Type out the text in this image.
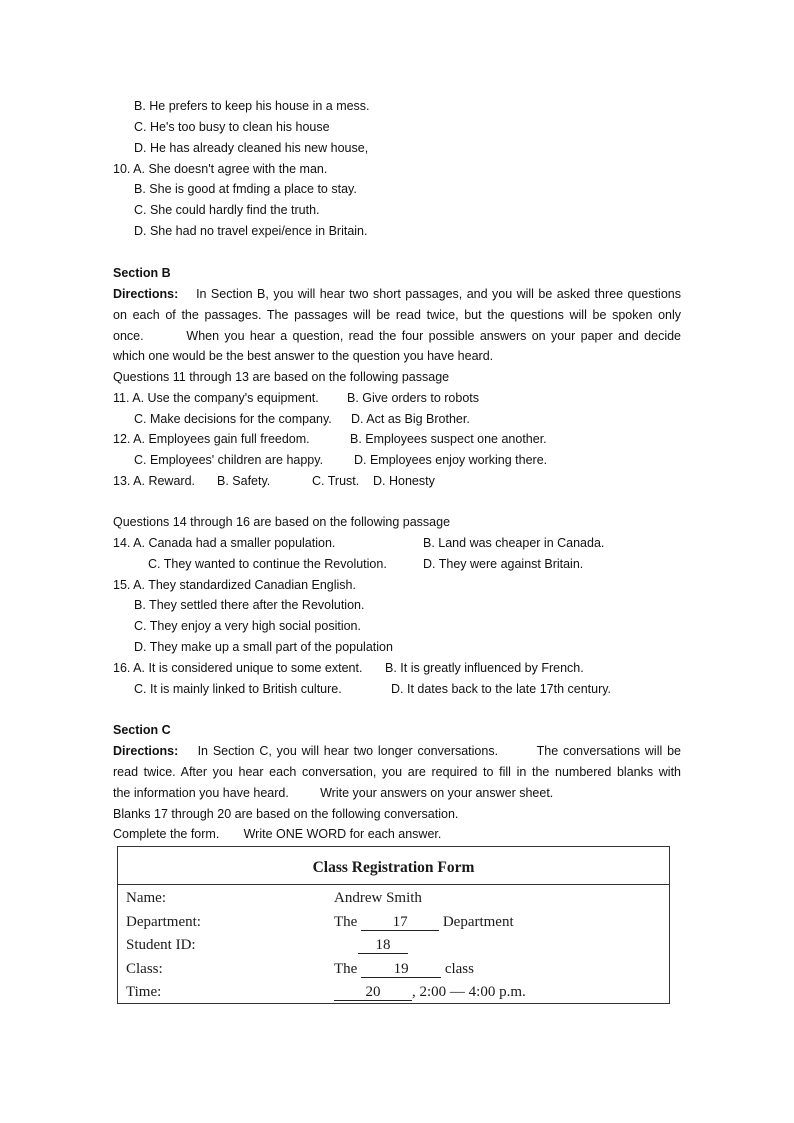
B. He prefers to keep his house in a mess.
C. He's too busy to clean his house
D. He has already cleaned his new house,
10. A. She doesn't agree with the man.
B. She is good at fmding a place to stay.
C. She could hardly find the truth.
D. She had no travel expei/ence in Britain.
Section B
Directions: In Section B, you will hear two short passages, and you will be asked three questions
on each of the passages. The passages will be read twice, but the questions will be spoken only
once.	When you hear a question, read the four possible answers on your paper and decide
which one would be the best answer to the question you have heard.
Questions 11 through 13 are based on the following passage
11. A. Use the company's equipment. B. Give orders to robots
C. Make decisions for the company. D. Act as Big Brother.
12. A. Employees gain full freedom.	B. Employees suspect one another.
C. Employees' children are happy. D. Employees enjoy working there.
13. A. Reward. B. Safety.	C. Trust. D. Honesty
Questions 14 through 16 are based on the following passage
14. A. Canada had a smaller population.	B. Land was cheaper in Canada.
C. They wanted to continue the Revolution.	D. They were against Britain.
15. A. They standardized Canadian English.
B. They settled there after the Revolution.
C. They enjoy a very high social position.
D. They make up a small part of the population
16. A. It is considered unique to some extent. B. It is greatly influenced by French.
C. It is mainly linked to British culture.	D. It dates back to the late 17th century.
Section C
Directions: In Section C, you will hear two longer conversations.	The conversations will be
read twice. After you hear each conversation, you are required to fill in the numbered blanks with
the information you have heard.	Write your answers on your answer sheet.
Blanks 17 through 20 are based on the following conversation.
Complete the form. Write ONE WORD for each answer.
Class Registration Form
Name:	Andrew Smith
Department:	The 17 Department
Student ID:	18
Class:	The 19 class
Time:	20 , 2:00 — 4:00 p.m.
